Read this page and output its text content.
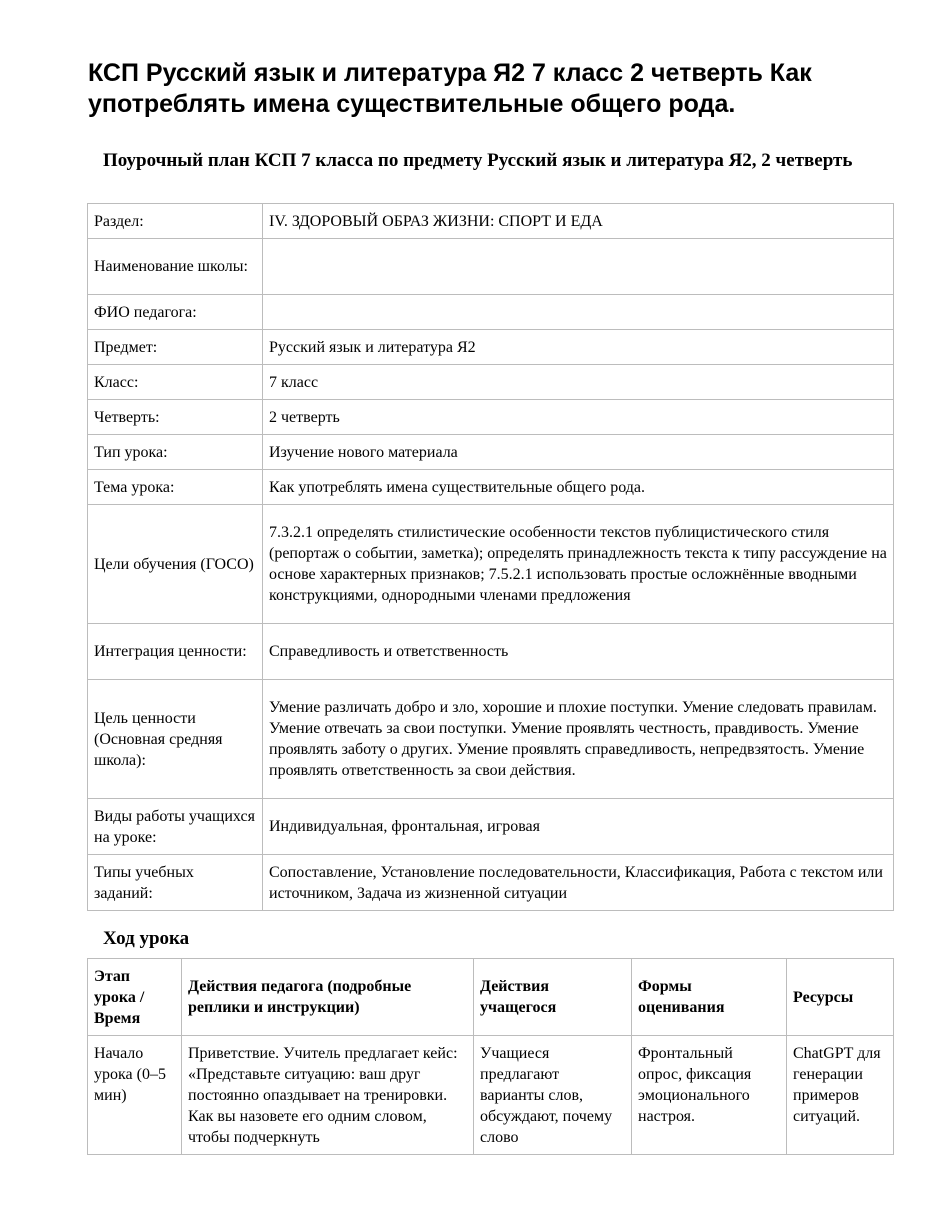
КСП Русский язык и литература Я2 7 класс 2 четверть Как употреблять имена существительные общего рода.
Поурочный план КСП 7 класса по предмету Русский язык и литература Я2, 2 четверть
Раздел:	IV. ЗДОРОВЫЙ ОБРАЗ ЖИЗНИ: СПОРТ И ЕДА
Наименование школы:	
ФИО педагога:	
Предмет:	Русский язык и литература Я2
Класс:	7 класс
Четверть:	2 четверть
Тип урока:	Изучение нового материала
Тема урока:	Как употреблять имена существительные общего рода.
Цели обучения (ГОСО)	7.3.2.1 определять стилистические особенности текстов публицистического стиля (репортаж о событии, заметка); определять принадлежность текста к типу рассуждение на основе характерных признаков; 7.5.2.1 использовать простые осложнённые вводными конструкциями, однородными членами предложения
Интеграция ценности:	Справедливость и ответственность
Цель ценности (Основная средняя школа):	Умение различать добро и зло, хорошие и плохие поступки. Умение следовать правилам. Умение отвечать за свои поступки. Умение проявлять честность, правдивость. Умение проявлять заботу о других. Умение проявлять справедливость, непредвзятость. Умение проявлять ответственность за свои действия.
Виды работы учащихся на уроке:	Индивидуальная, фронтальная, игровая
Типы учебных заданий:	Сопоставление, Установление последовательности, Классификация, Работа с текстом или источником, Задача из жизненной ситуации
Ход урока
Этап урока / Время	Действия педагога (подробные реплики и инструкции)	Действия учащегося	Формы оценивания	Ресурсы
Начало урока (0–5 мин)	Приветствие. Учитель предлагает кейс: «Представьте ситуацию: ваш друг постоянно опаздывает на тренировки. Как вы назовете его одним словом, чтобы подчеркнуть	Учащиеся предлагают варианты слов, обсуждают, почему слово	Фронтальный опрос, фиксация эмоционального настроя.	ChatGPT для генерации примеров ситуаций.
